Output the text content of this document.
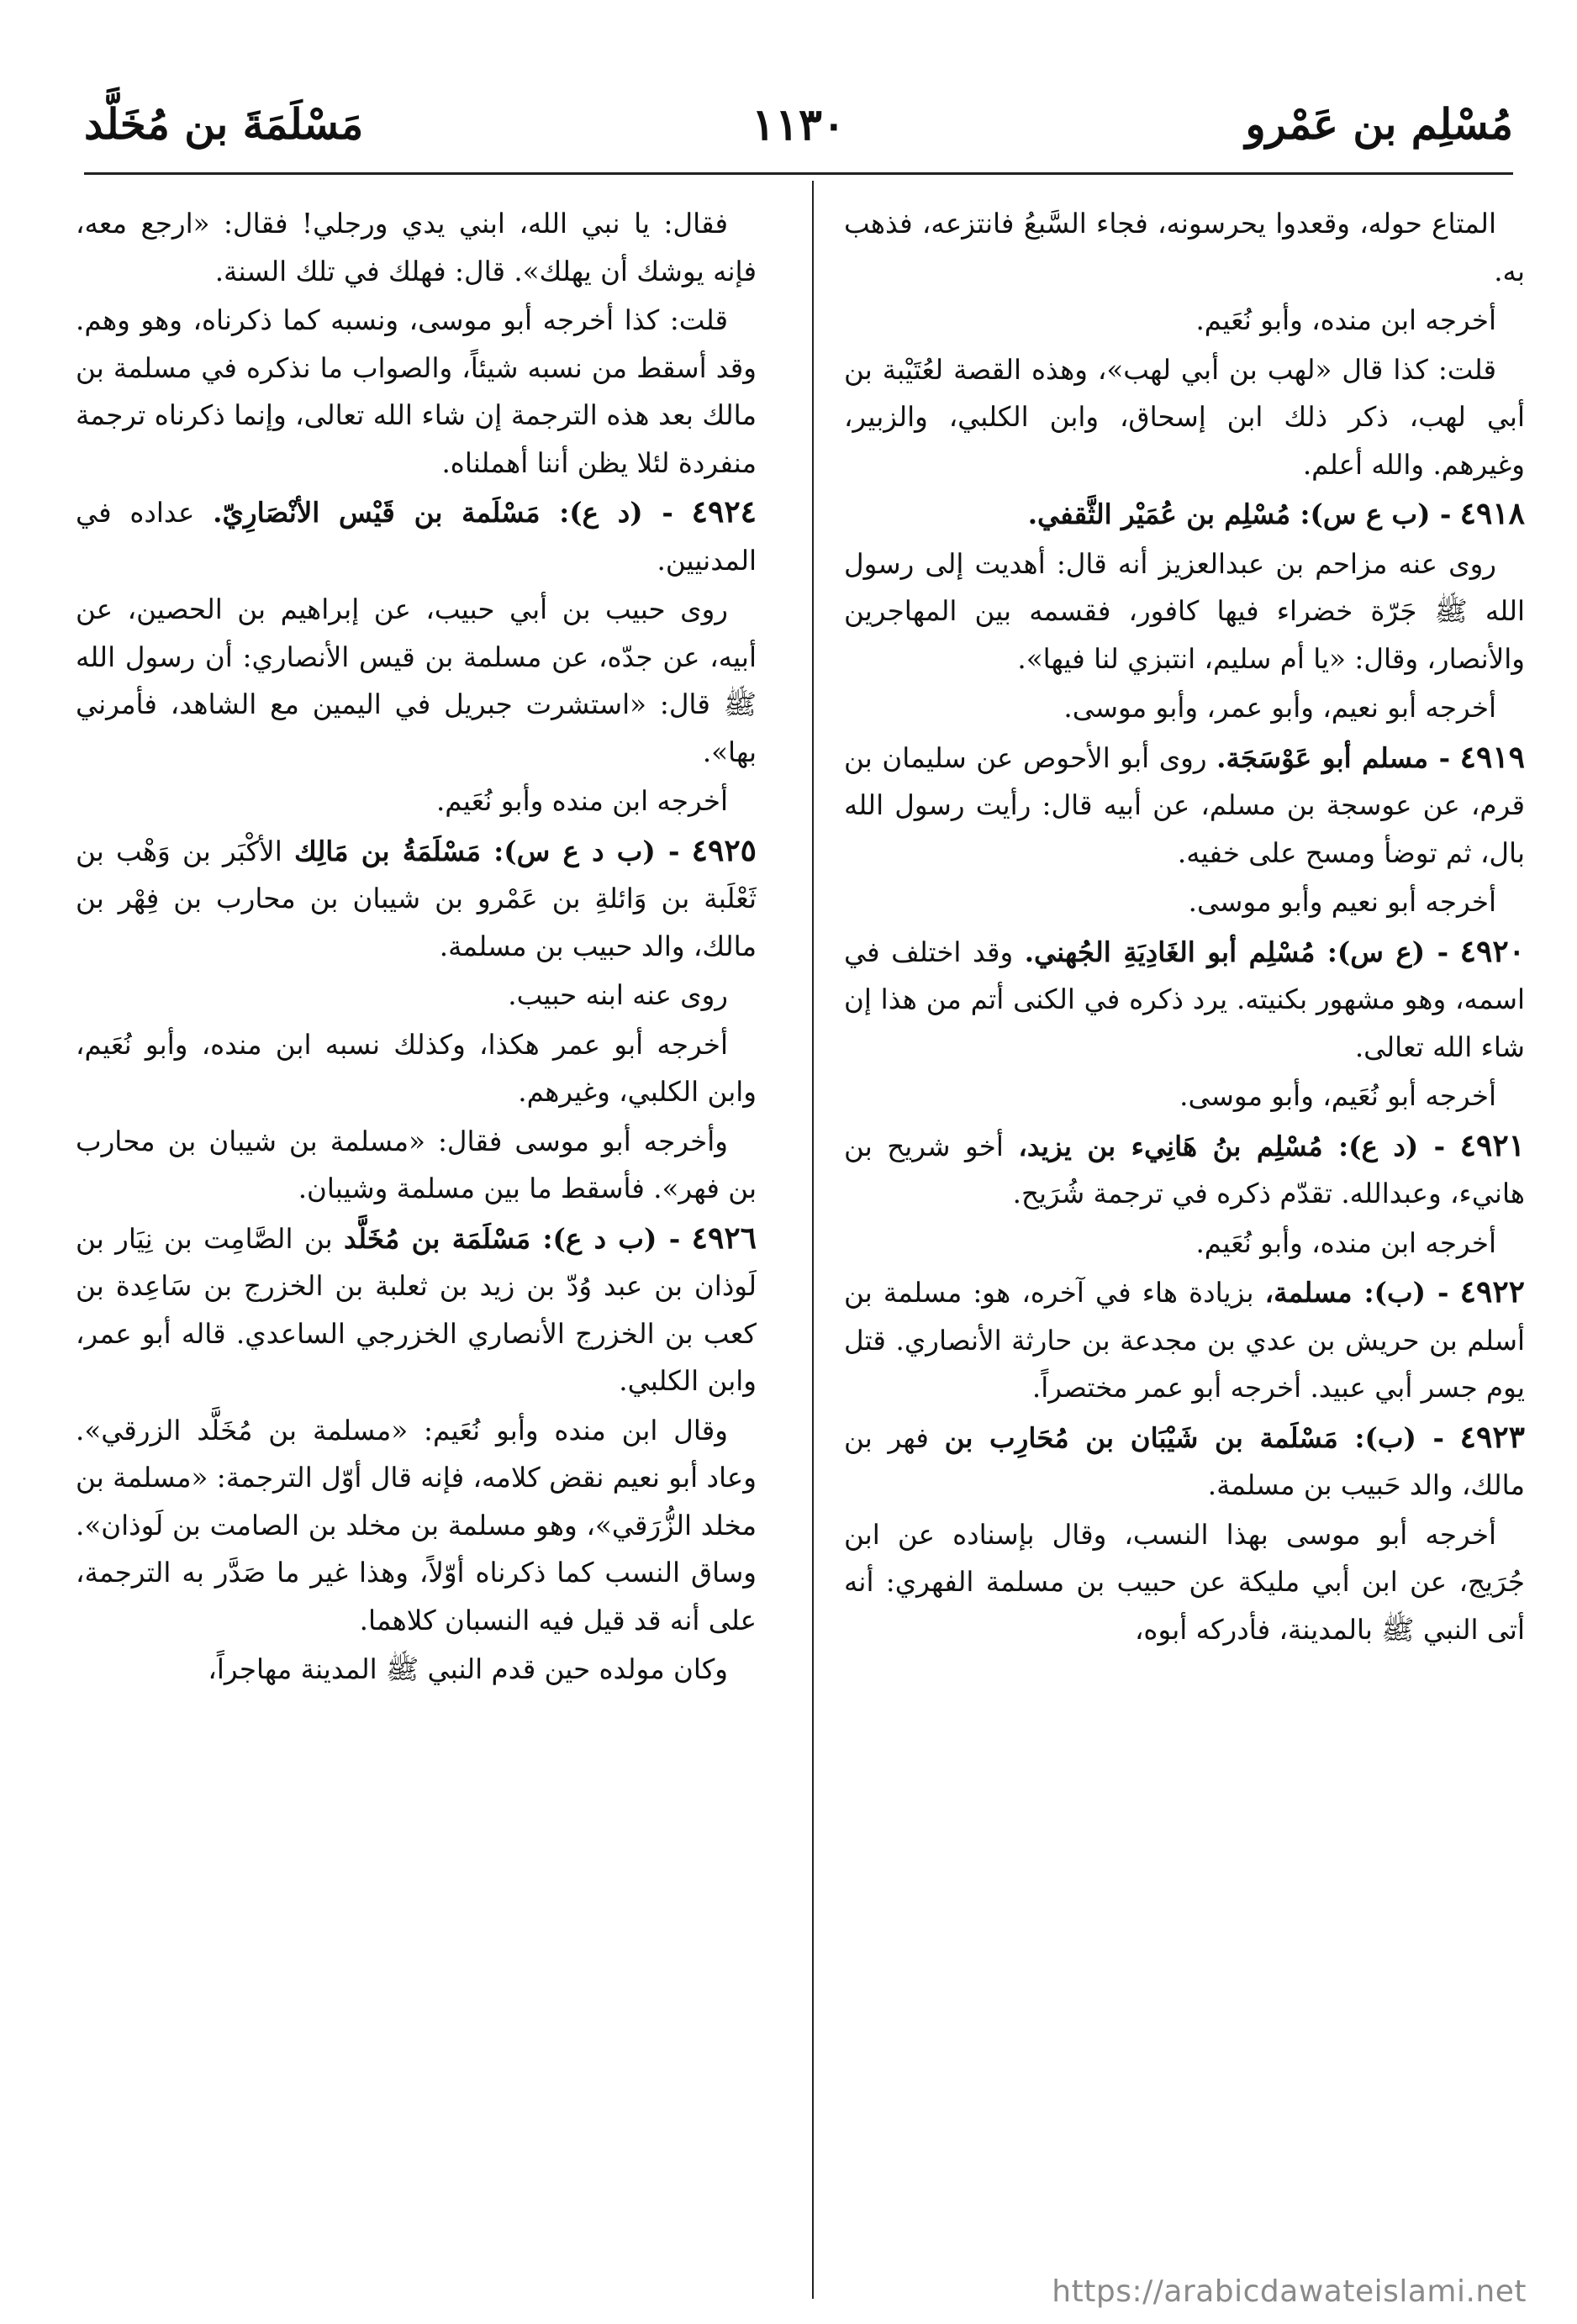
مُسْلِم بن عَمْرو
١١٣٠
مَسْلَمَةَ بن مُخَلَّد

المتاع حوله، وقعدوا يحرسونه، فجاء السَّبعُ فانتزعه، فذهب به.

أخرجه ابن منده، وأبو نُعَيم.

قلت: كذا قال «لهب بن أبي لهب»، وهذه القصة لعُتَيْبة بن أبي لهب، ذكر ذلك ابن إسحاق، وابن الكلبي، والزبير، وغيرهم. والله أعلم.

٤٩١٨ - (ب ع س): مُسْلِم بن عُمَيْر الثَّقفي.

روى عنه مزاحم بن عبدالعزيز أنه قال: أهديت إلى رسول الله ﷺ جَرّة خضراء فيها كافور، فقسمه بين المهاجرين والأنصار، وقال: «يا أم سليم، انتبزي لنا فيها».

أخرجه أبو نعيم، وأبو عمر، وأبو موسى.

٤٩١٩ - مسلم أبو عَوْسَجَة. روى أبو الأحوص عن سليمان بن قرم، عن عوسجة بن مسلم، عن أبيه قال: رأيت رسول الله بال، ثم توضأ ومسح على خفيه.

أخرجه أبو نعيم وأبو موسى.

٤٩٢٠ - (ع س): مُسْلِم أبو الغَادِيَةِ الجُهني. وقد اختلف في اسمه، وهو مشهور بكنيته. يرد ذكره في الكنى أتم من هذا إن شاء الله تعالى.

أخرجه أبو نُعَيم، وأبو موسى.

٤٩٢١ - (د ع): مُسْلِم بنُ هَانِيء بن يزيد، أخو شريح بن هانيء، وعبدالله. تقدّم ذكره في ترجمة شُرَيح.

أخرجه ابن منده، وأبو نُعَيم.

٤٩٢٢ - (ب): مسلمة، بزيادة هاء في آخره، هو: مسلمة بن أسلم بن حريش بن عدي بن مجدعة بن حارثة الأنصاري. قتل يوم جسر أبي عبيد. أخرجه أبو عمر مختصراً.

٤٩٢٣ - (ب): مَسْلَمة بن شَيْبَان بن مُحَارِب بن فهر بن مالك، والد حَبيب بن مسلمة.

أخرجه أبو موسى بهذا النسب، وقال بإسناده عن ابن جُرَيج، عن ابن أبي مليكة عن حبيب بن مسلمة الفهري: أنه أتى النبي ﷺ بالمدينة، فأدركه أبوه،

فقال: يا نبي الله، ابني يدي ورجلي! فقال: «ارجع معه، فإنه يوشك أن يهلك». قال: فهلك في تلك السنة.

قلت: كذا أخرجه أبو موسى، ونسبه كما ذكرناه، وهو وهم. وقد أسقط من نسبه شيئاً، والصواب ما نذكره في مسلمة بن مالك بعد هذه الترجمة إن شاء الله تعالى، وإنما ذكرناه ترجمة منفردة لئلا يظن أننا أهملناه.

٤٩٢٤ - (د ع): مَسْلَمة بن قَيْس الأنْصَارِيّ. عداده في المدنيين.

روى حبيب بن أبي حبيب، عن إبراهيم بن الحصين، عن أبيه، عن جدّه، عن مسلمة بن قيس الأنصاري: أن رسول الله ﷺ قال: «استشرت جبريل في اليمين مع الشاهد، فأمرني بها».

أخرجه ابن منده وأبو نُعَيم.

٤٩٢٥ - (ب د ع س): مَسْلَمَةُ بن مَالِك الأكْبَر بن وَهْب بن ثَعْلَبة بن وَائلةِ بن عَمْرو بن شيبان بن محارب بن فِهْر بن مالك، والد حبيب بن مسلمة.

روى عنه ابنه حبيب.

أخرجه أبو عمر هكذا، وكذلك نسبه ابن منده، وأبو نُعَيم، وابن الكلبي، وغيرهم.

وأخرجه أبو موسى فقال: «مسلمة بن شيبان بن محارب بن فهر». فأسقط ما بين مسلمة وشيبان.

٤٩٢٦ - (ب د ع): مَسْلَمَة بن مُخَلَّد بن الصَّامِت بن نِيَار بن لَوذان بن عبد وُدّ بن زيد بن ثعلبة بن الخزرج بن سَاعِدة بن كعب بن الخزرج الأنصاري الخزرجي الساعدي. قاله أبو عمر، وابن الكلبي.

وقال ابن منده وأبو نُعَيم: «مسلمة بن مُخَلَّد الزرقي». وعاد أبو نعيم نقض كلامه، فإنه قال أوّل الترجمة: «مسلمة بن مخلد الزُّرَقي»، وهو مسلمة بن مخلد بن الصامت بن لَوذان». وساق النسب كما ذكرناه أوّلاً، وهذا غير ما صَدَّر به الترجمة، على أنه قد قيل فيه النسبان كلاهما.

وكان مولده حين قدم النبي ﷺ المدينة مهاجراً،

https://arabicdawateislami.net
